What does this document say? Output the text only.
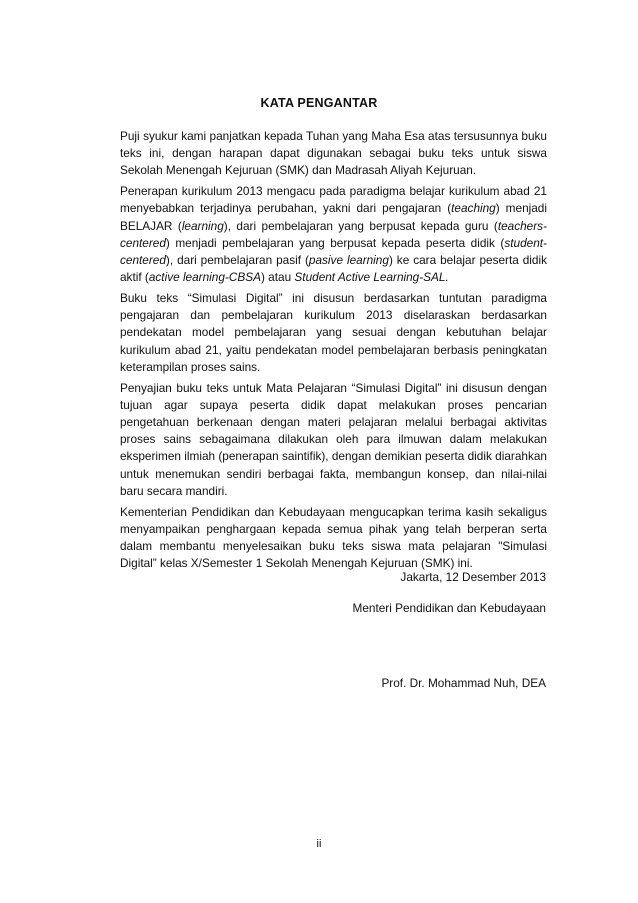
KATA PENGANTAR

Puji syukur kami panjatkan kepada Tuhan yang Maha Esa atas tersusunnya buku teks ini, dengan harapan dapat digunakan sebagai buku teks untuk siswa Sekolah Menengah Kejuruan (SMK) dan Madrasah Aliyah Kejuruan.

Penerapan kurikulum 2013 mengacu pada paradigma belajar kurikulum abad 21 menyebabkan terjadinya perubahan, yakni dari pengajaran (teaching) menjadi BELAJAR (learning), dari pembelajaran yang berpusat kepada guru (teachers-centered) menjadi pembelajaran yang berpusat kepada peserta didik (student-centered), dari pembelajaran pasif (pasive learning) ke cara belajar peserta didik aktif (active learning-CBSA) atau Student Active Learning-SAL.

Buku teks “Simulasi Digital” ini disusun berdasarkan tuntutan paradigma pengajaran dan pembelajaran kurikulum 2013 diselaraskan berdasarkan pendekatan model pembelajaran yang sesuai dengan kebutuhan belajar kurikulum abad 21, yaitu pendekatan model pembelajaran berbasis peningkatan keterampilan proses sains.

Penyajian buku teks untuk Mata Pelajaran “Simulasi Digital” ini disusun dengan tujuan agar supaya peserta didik dapat melakukan proses pencarian pengetahuan berkenaan dengan materi pelajaran melalui berbagai aktivitas proses sains sebagaimana dilakukan oleh para ilmuwan dalam melakukan eksperimen ilmiah (penerapan saintifik), dengan demikian peserta didik diarahkan untuk menemukan sendiri berbagai fakta, membangun konsep, dan nilai-nilai baru secara mandiri.

Kementerian Pendidikan dan Kebudayaan mengucapkan terima kasih sekaligus menyampaikan penghargaan kepada semua pihak yang telah berperan serta dalam membantu menyelesaikan buku teks siswa mata pelajaran "Simulasi Digital” kelas X/Semester 1 Sekolah Menengah Kejuruan (SMK) ini.

Jakarta, 12 Desember 2013
Menteri Pendidikan dan Kebudayaan
Prof. Dr. Mohammad Nuh, DEA
ii
